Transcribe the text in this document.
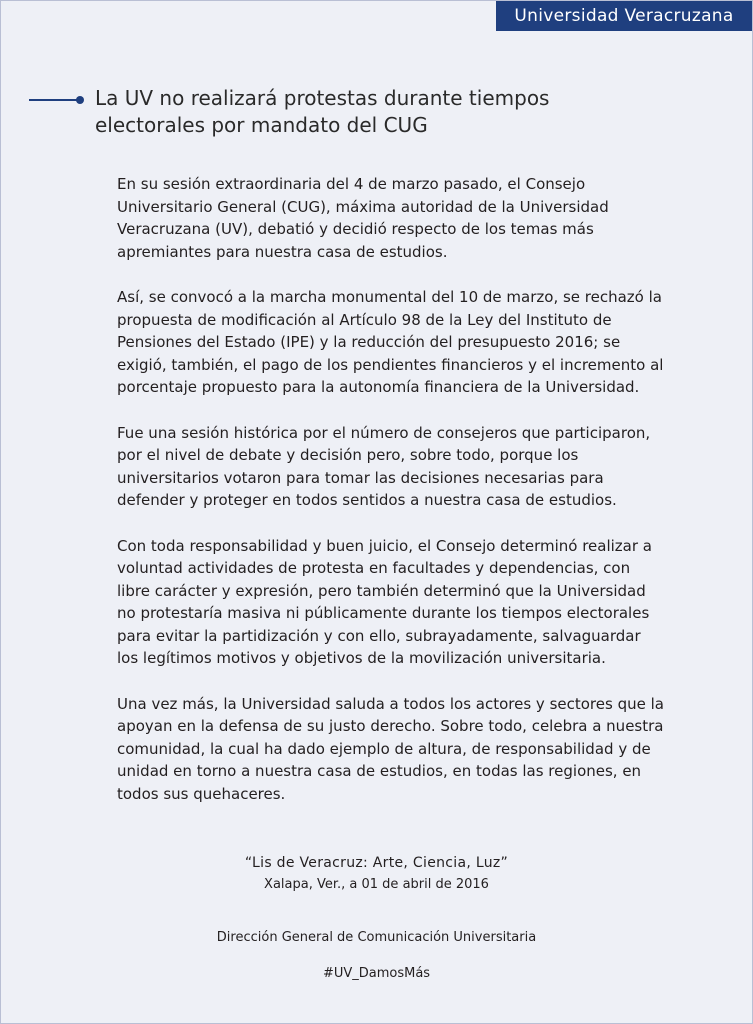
Universidad Veracruzana
La UV no realizará protestas durante tiempos electorales por mandato del CUG

En su sesión extraordinaria del 4 de marzo pasado, el Consejo Universitario General (CUG), máxima autoridad de la Universidad Veracruzana (UV), debatió y decidió respecto de los temas más apremiantes para nuestra casa de estudios.

Así, se convocó a la marcha monumental del 10 de marzo, se rechazó la propuesta de modificación al Artículo 98 de la Ley del Instituto de Pensiones del Estado (IPE) y la reducción del presupuesto 2016; se exigió, también, el pago de los pendientes financieros y el incremento al porcentaje propuesto para la autonomía financiera de la Universidad.

Fue una sesión histórica por el número de consejeros que participaron, por el nivel de debate y decisión pero, sobre todo, porque los universitarios votaron para tomar las decisiones necesarias para defender y proteger en todos sentidos a nuestra casa de estudios.

Con toda responsabilidad y buen juicio, el Consejo determinó realizar a voluntad actividades de protesta en facultades y dependencias, con libre carácter y expresión, pero también determinó que la Universidad no protestaría masiva ni públicamente durante los tiempos electorales para evitar la partidización y con ello, subrayadamente, salvaguardar los legítimos motivos y objetivos de la movilización universitaria.

Una vez más, la Universidad saluda a todos los actores y sectores que la apoyan en la defensa de su justo derecho. Sobre todo, celebra a nuestra comunidad, la cual ha dado ejemplo de altura, de responsabilidad y de unidad en torno a nuestra casa de estudios, en todas las regiones, en todos sus quehaceres.

“Lis de Veracruz: Arte, Ciencia, Luz”
Xalapa, Ver., a 01 de abril de 2016
Dirección General de Comunicación Universitaria
#UV_DamosMás
